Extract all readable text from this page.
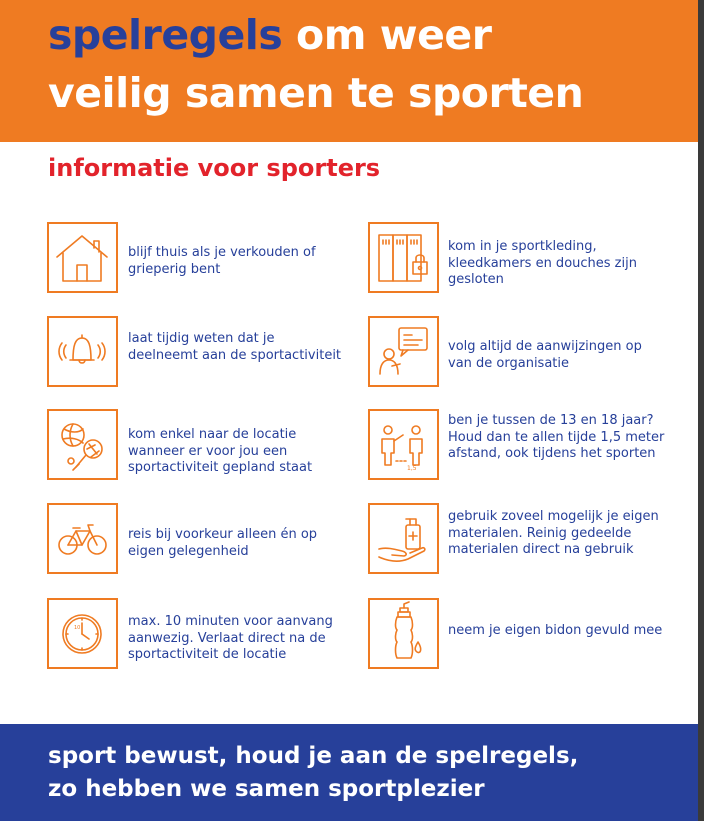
spelregels om weer
veilig samen te sporten
informatie voor sporters
blijf thuis als je verkouden of grieperig bent
laat tijdig weten dat je deelneemt aan de sportactiviteit
kom enkel naar de locatie wanneer er voor jou een sportactiviteit gepland staat
reis bij voorkeur alleen én op eigen gelegenheid
10	max. 10 minuten voor aanvang aanwezig. Verlaat direct na de sportactiviteit de locatie
kom in je sportkleding, kleedkamers en douches zijn gesloten
volg altijd de aanwijzingen op van de organisatie
1,5
ben je tussen de 13 en 18 jaar? Houd dan te allen tijde 1,5 meter afstand, ook tijdens het sporten
gebruik zoveel mogelijk je eigen materialen. Reinig gedeelde materialen direct na gebruik
neem je eigen bidon gevuld mee
sport bewust, houd je aan de spelregels,
zo hebben we samen sportplezier
